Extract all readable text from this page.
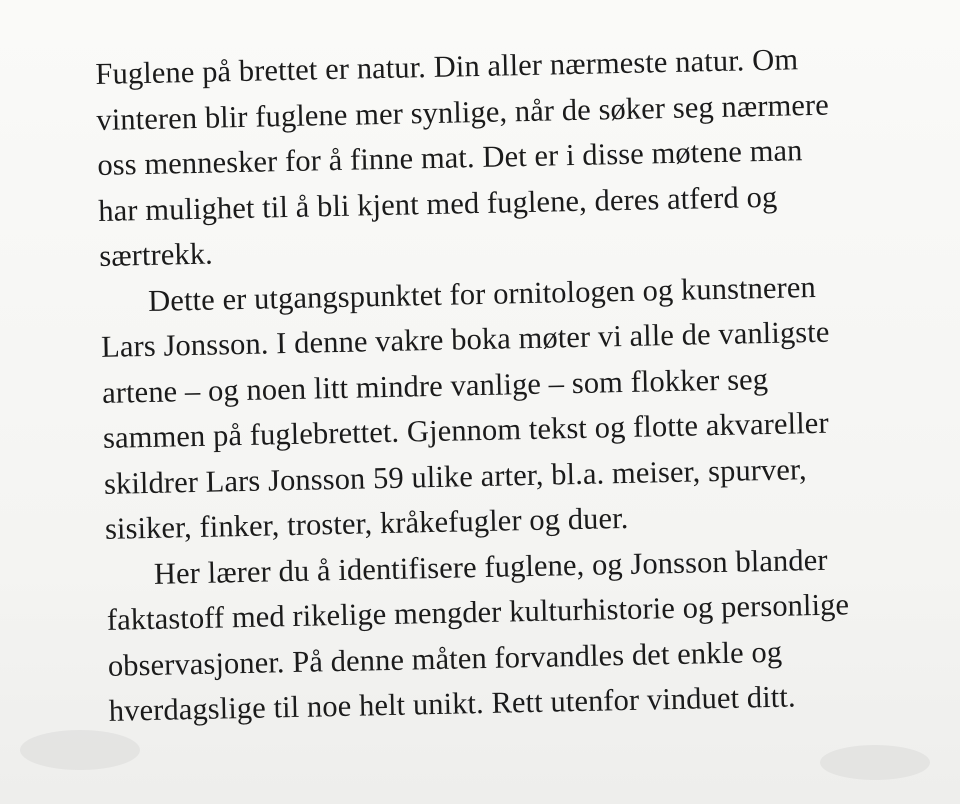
Fuglene på brettet er natur. Din aller nærmeste natur. Om
vinteren blir fuglene mer synlige, når de søker seg nærmere
oss mennesker for å finne mat. Det er i disse møtene man
har mulighet til å bli kjent med fuglene, deres atferd og
særtrekk.

Dette er utgangspunktet for ornitologen og kunstneren
Lars Jonsson. I denne vakre boka møter vi alle de vanligste
artene – og noen litt mindre vanlige – som flokker seg
sammen på fuglebrettet. Gjennom tekst og flotte akvareller
skildrer Lars Jonsson 59 ulike arter, bl.a. meiser, spurver,
sisiker, finker, troster, kråkefugler og duer.

Her lærer du å identifisere fuglene, og Jonsson blander
faktastoff med rikelige mengder kulturhistorie og personlige
observasjoner. På denne måten forvandles det enkle og
hverdagslige til noe helt unikt. Rett utenfor vinduet ditt.
